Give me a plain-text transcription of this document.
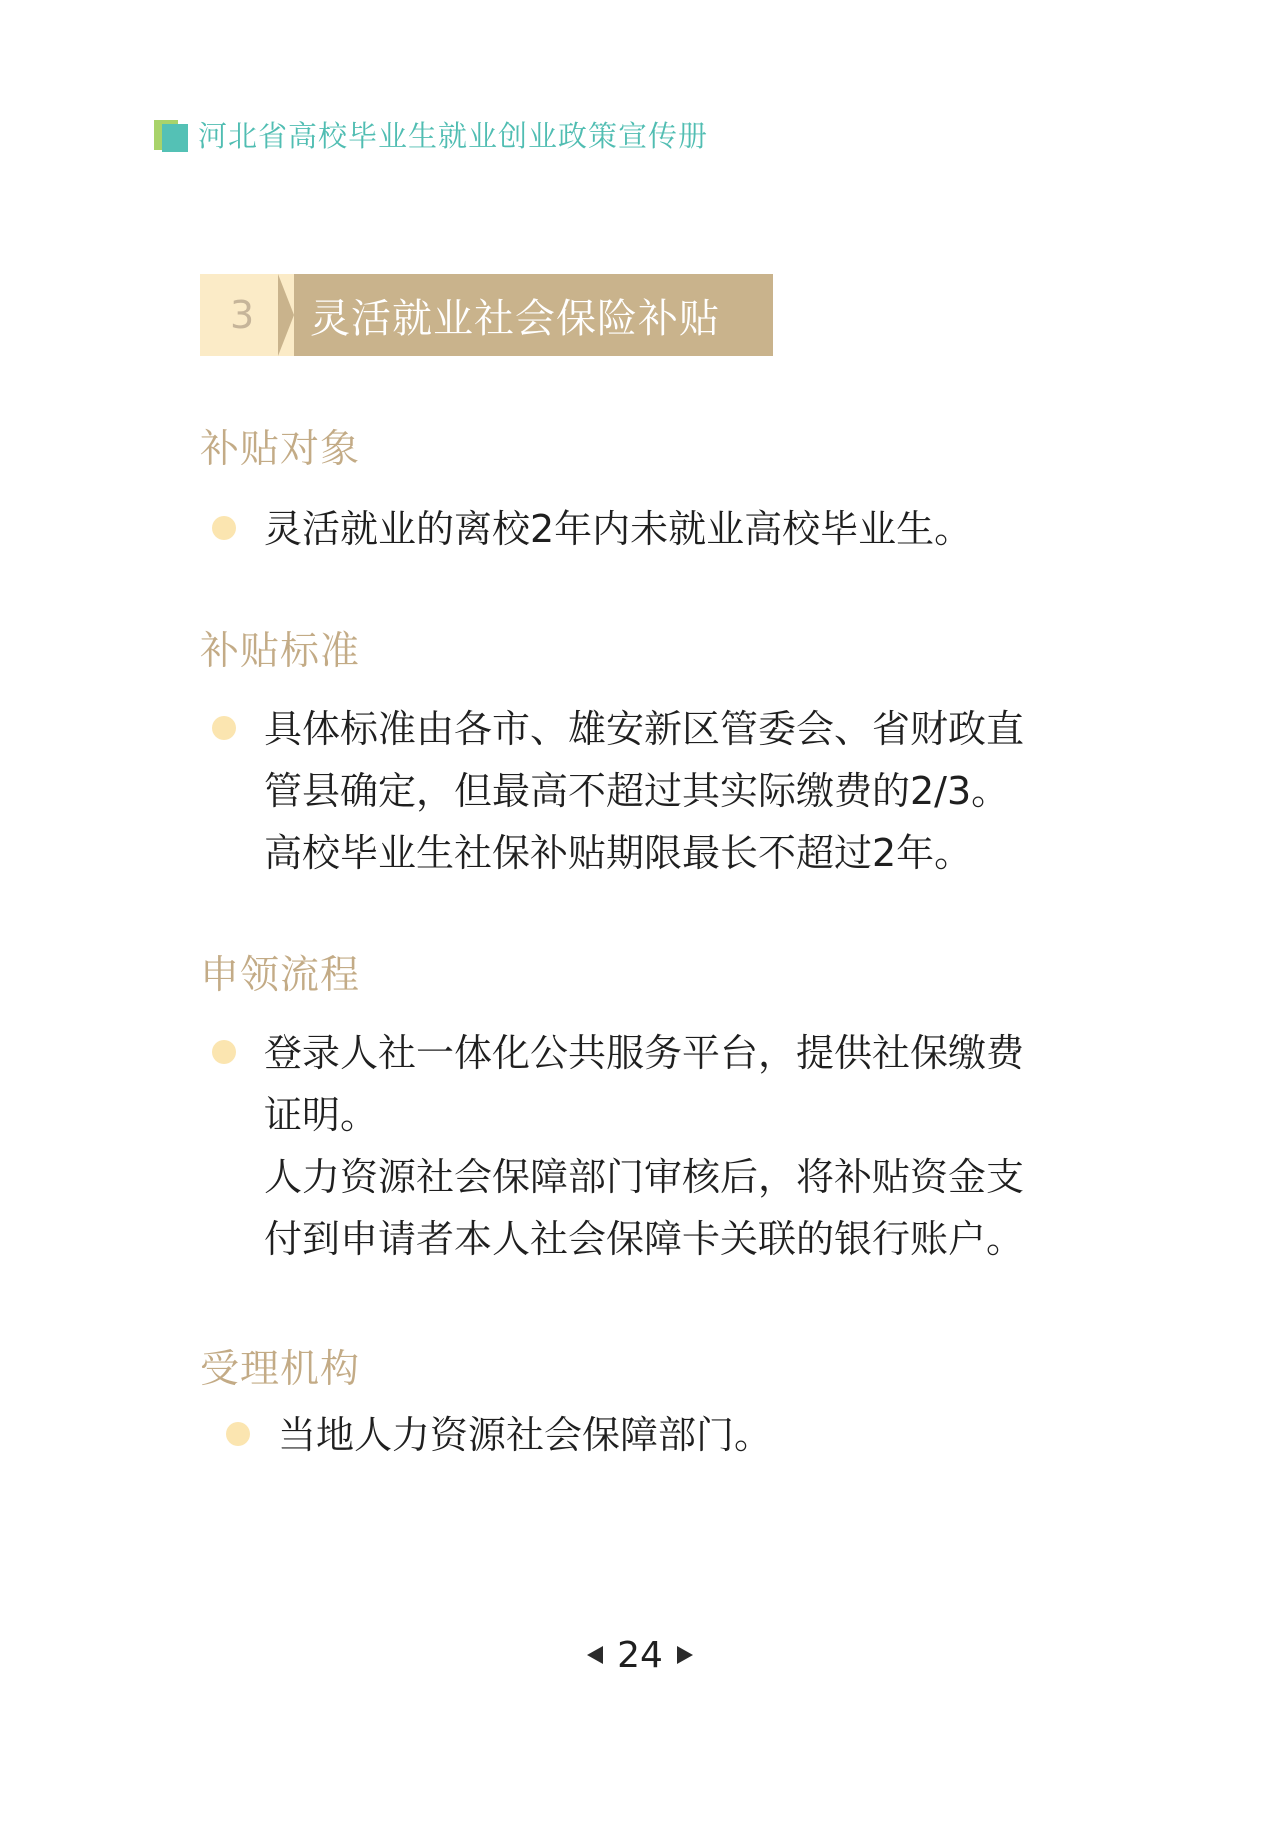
河北省高校毕业生就业创业政策宣传册
3 灵活就业社会保险补贴
补贴对象
灵活就业的离校2年内未就业高校毕业生。
补贴标准
具体标准由各市、雄安新区管委会、省财政直
管县确定，但最高不超过其实际缴费的2/3。
高校毕业生社保补贴期限最长不超过2年。
申领流程
登录人社一体化公共服务平台，提供社保缴费
证明。
人力资源社会保障部门审核后，将补贴资金支
付到申请者本人社会保障卡关联的银行账户。
受理机构
当地人力资源社会保障部门。
24
